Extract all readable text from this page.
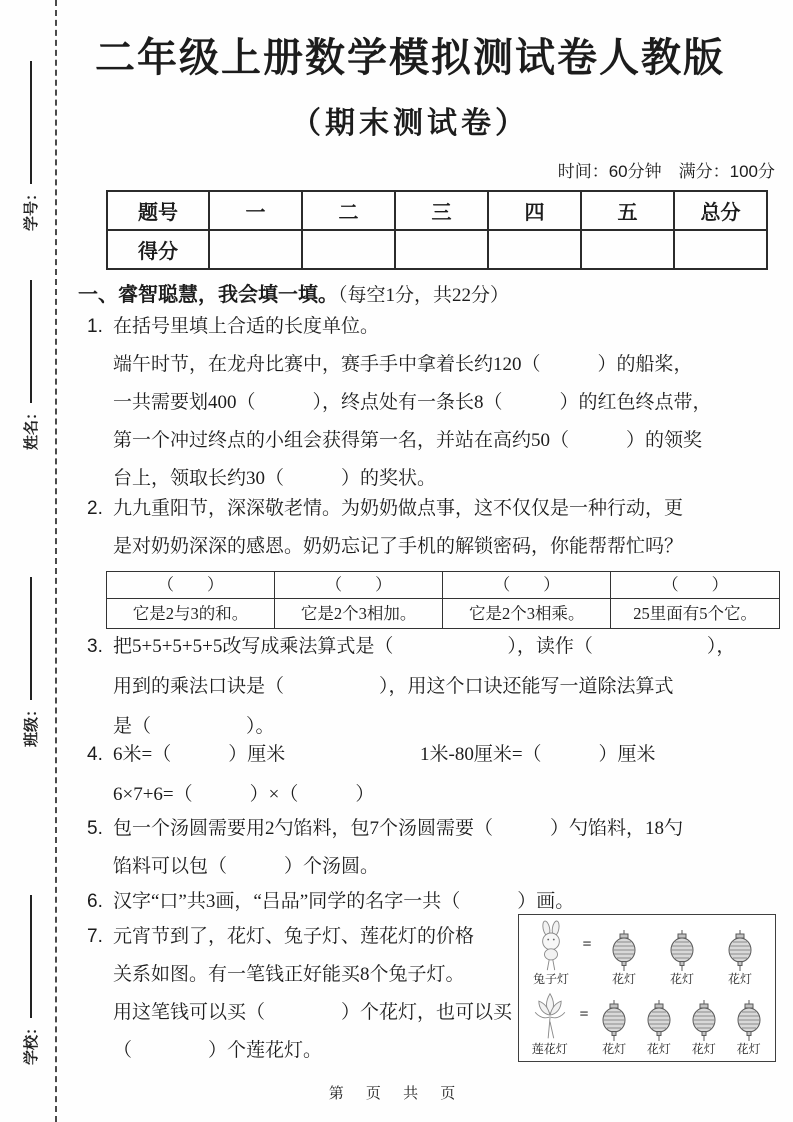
学号：
姓名：
班级：
学校：
二年级上册数学模拟测试卷人教版
（期末测试卷）
时间：60分钟　满分：100分
题号	一	二	三	四	五	总分
得分						
一、睿智聪慧，我会填一填。（每空1分，共22分）
1. 在括号里填上合适的长度单位。
端午时节，在龙舟比赛中，赛手手中拿着长约120（　　　）的船桨，
一共需要划400（　　　），终点处有一条长8（　　　）的红色终点带，
第一个冲过终点的小组会获得第一名，并站在高约50（　　　）的领奖
台上，领取长约30（　　　）的奖状。
2. 九九重阳节，深深敬老情。为奶奶做点事，这不仅仅是一种行动，更
是对奶奶深深的感恩。奶奶忘记了手机的解锁密码，你能帮帮忙吗？
（　　）	（　　）	（　　）	（　　）
它是2与3的和。	它是2个3相加。	它是2个3相乘。	25里面有5个它。
3. 把5+5+5+5+5改写成乘法算式是（　　　　　　），读作（　　　　　　），
用到的乘法口诀是（　　　　　），用这个口诀还能写一道除法算式
是（　　　　　）。
4. 6米=（　　　）厘米	1米-80厘米=（　　　）厘米
6×7+6=（　　　）×（　　　）
5. 包一个汤圆需要用2勺馅料，包7个汤圆需要（　　　）勺馅料，18勺
馅料可以包（　　　）个汤圆。
6. 汉字“口”共3画，“吕品”同学的名字一共（　　　）画。
7. 元宵节到了，花灯、兔子灯、莲花灯的价格
关系如图。有一笔钱正好能买8个兔子灯。
用这笔钱可以买（　　　　）个花灯，也可以买
（　　　　）个莲花灯。
兔子灯
=
花灯	花灯	花灯
莲花灯
=
花灯 花灯 花灯 花灯
第 页 共 页
